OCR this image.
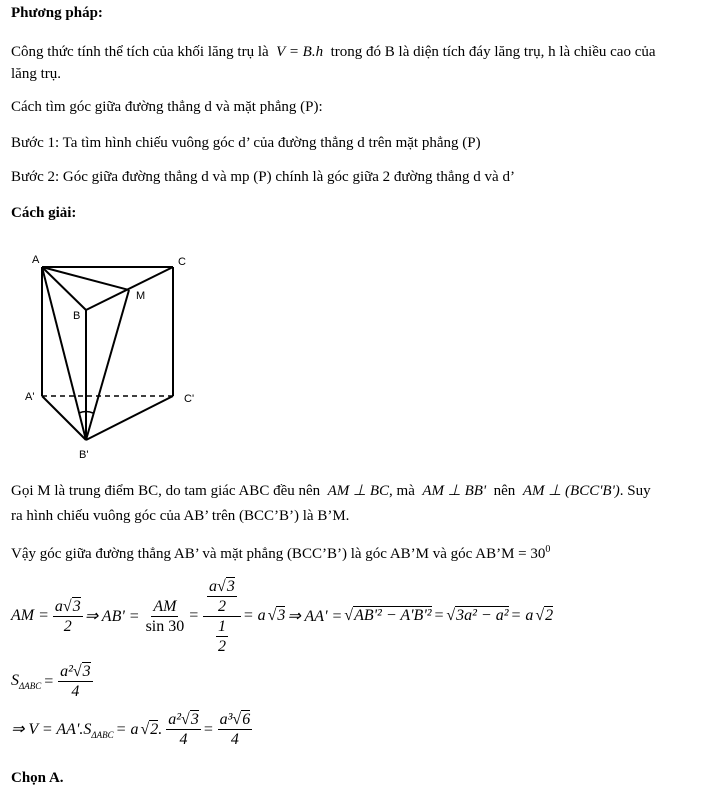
Phương pháp:
Công thức tính thể tích của khối lăng trụ là V = B.h trong đó B là diện tích đáy lăng trụ, h là chiều cao của
lăng trụ.
Cách tìm góc giữa đường thẳng d và mặt phẳng (P):
Bước 1: Ta tìm hình chiếu vuông góc d’ của đường thẳng d trên mặt phẳng (P)
Bước 2: Góc giữa đường thẳng d và mp (P) chính là góc giữa 2 đường thẳng d và d’
Cách giải:
A	C
M
B
A'	C'
B'
Gọi M là trung điểm BC, do tam giác ABC đều nên AM ⊥ BC, mà AM ⊥ BB' nên AM ⊥ (BCC'B'). Suy
ra hình chiếu vuông góc của AB’ trên (BCC’B’) là B’M.
Vậy góc giữa đường thẳng AB’ và mặt phẳng (BCC’B’) là góc AB’M và góc AB’M = $30^0$
AM = $\frac{a√3}{2}$ ⇒ $AB' = \frac{AM}{\sin 30} = \frac{\frac{a√3}{2}}{\frac{1}{2}} = a$ √3 ⇒ AA' = √AB'² − A'B'² = √3a² − a² = a √2
$S_{\Delta ABC} = \frac{\text{a²√3}}{4}$
⇒ $V = AA'.S_{\Delta ABC} = a$ √2. $\frac{\text{a²√3}}{4} = \frac{\text{a³√6}}{4}$
Chọn A.
